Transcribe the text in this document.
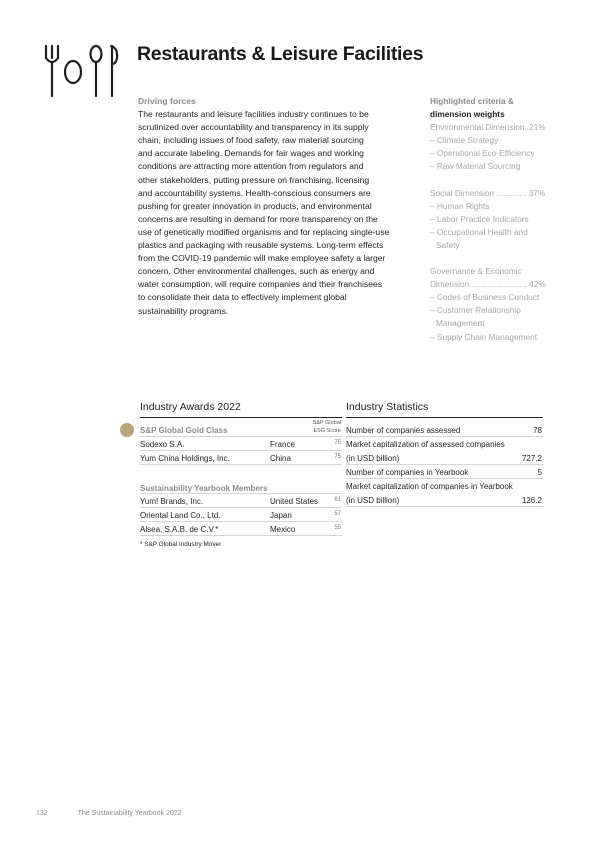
Restaurants & Leisure Facilities
Driving forces
The restaurants and leisure facilities industry continues to be
scrutinized over accountability and transparency in its supply
chain, including issues of food safety, raw material sourcing
and accurate labeling. Demands for fair wages and working
conditions are attracting more attention from regulators and
other stakeholders, putting pressure on franchising, licensing
and accountability systems. Health-conscious consumers are
pushing for greater innovation in products, and environmental
concerns are resulting in demand for more transparency on the
use of genetically modified organisms and for replacing single-use
plastics and packaging with reusable systems. Long-term effects
from the COVID-19 pandemic will make employee safety a larger
concern. Other environmental challenges, such as energy and
water consumption, will require companies and their franchisees
to consolidate their data to effectively implement global
sustainability programs.
Highlighted criteria &
dimension weights
Environmental Dimension..21%
– Climate Strategy
– Operational Eco-Efficiency
– Raw Material Sourcing
Social Dimension ............. 37%
– Human Rights
– Labor Practice Indicators
– Occupational Health and
Safety
Governance & Economic
Dimension ........................ 42%
– Codes of Business Conduct
– Customer Relationship
Management
– Supply Chain Management
Industry Awards 2022
S&P Global Gold Class
S&P Global
ESG Score
Sodexo S.A.	France	75
Yum China Holdings, Inc.	China	75
Sustainability Yearbook Members
Yum! Brands, Inc.	United States	61
Oriental Land Co., Ltd.	Japan	57
Alsea, S.A.B. de C.V.*	Mexico	55
* S&P Global Industry Mover
Industry Statistics
Number of companies assessed	78
Market capitalization of assessed companies
(in USD billion)	727.2
Number of companies in Yearbook	5
Market capitalization of companies in Yearbook
(in USD billion)	126.2
132	The Sustainability Yearbook 2022
